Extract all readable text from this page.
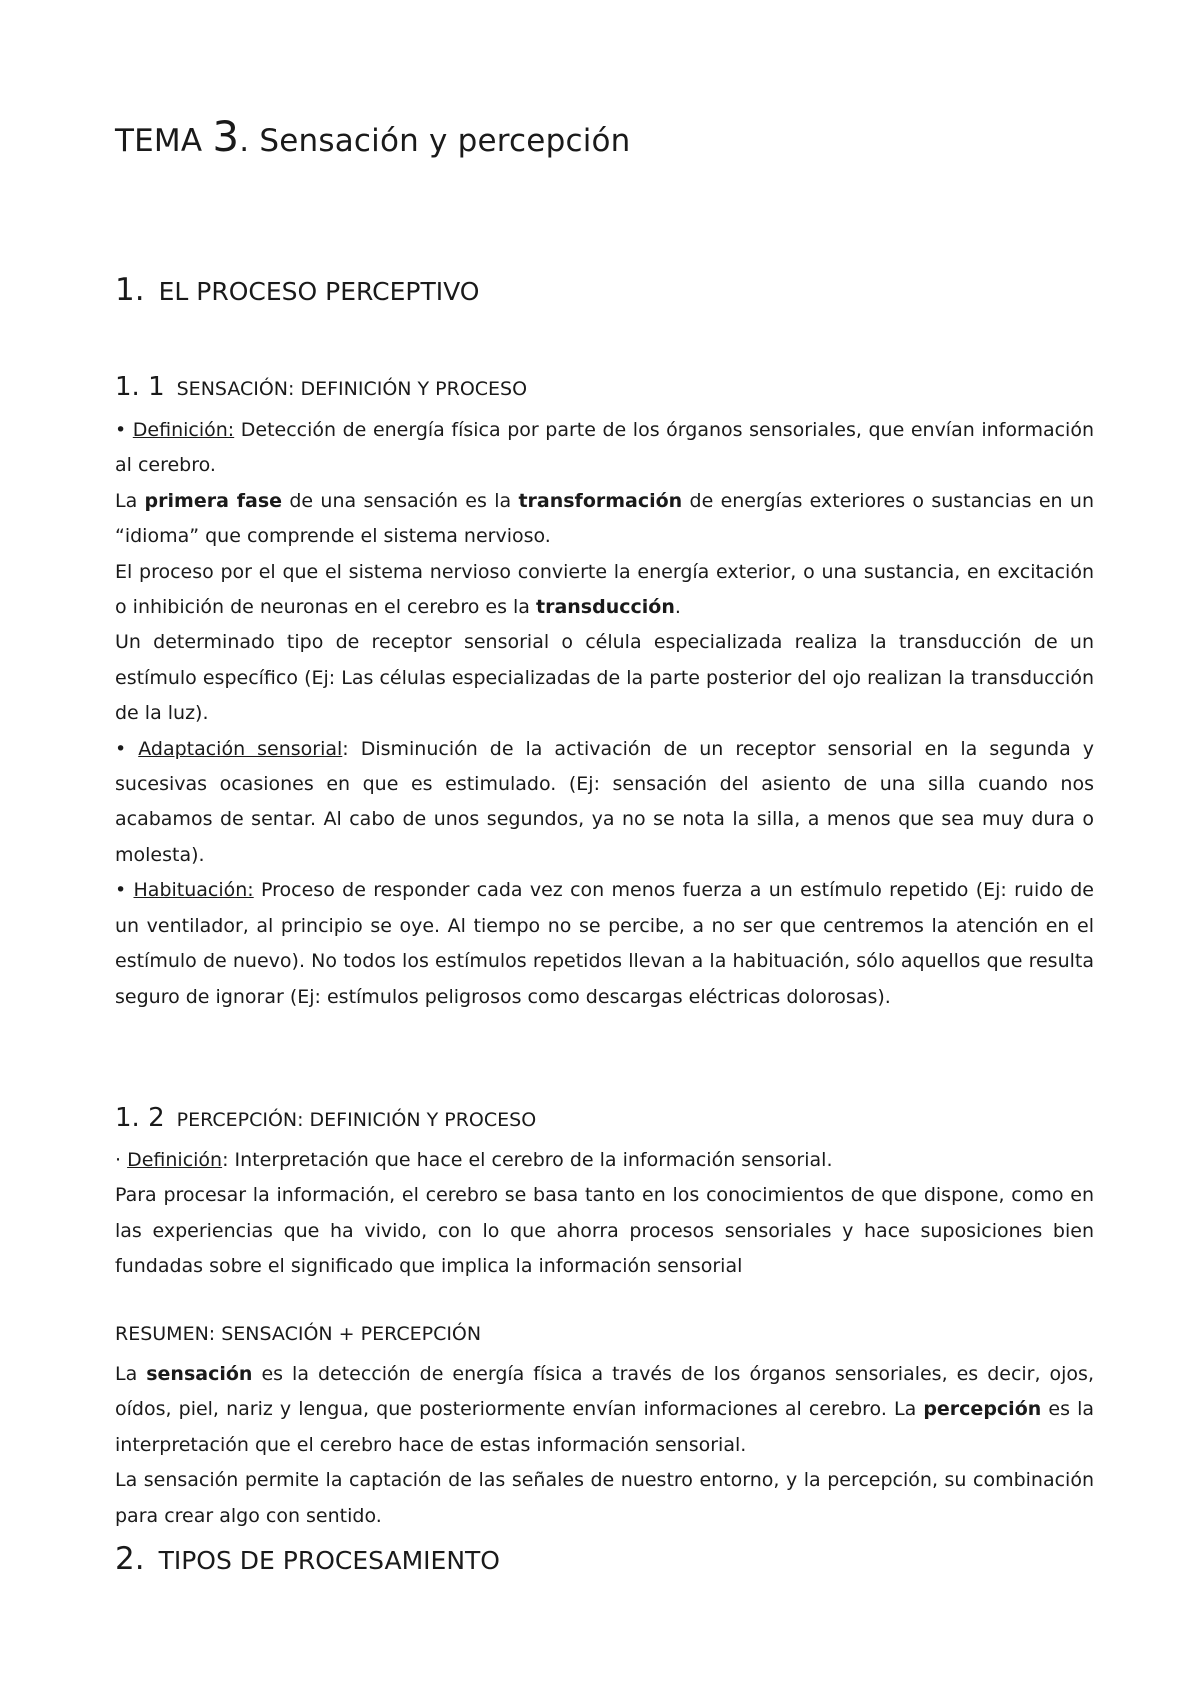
TEMA 3. Sensación y percepción
1. EL PROCESO PERCEPTIVO
1. 1 SENSACIÓN: DEFINICIÓN Y PROCESO

• Definición: Detección de energía física por parte de los órganos sensoriales, que envían información al cerebro.

La primera fase de una sensación es la transformación de energías exteriores o sustancias en un “idioma” que comprende el sistema nervioso.

El proceso por el que el sistema nervioso convierte la energía exterior, o una sustancia, en excitación o inhibición de neuronas en el cerebro es la transducción.

Un determinado tipo de receptor sensorial o célula especializada realiza la transducción de un estímulo específico (Ej: Las células especializadas de la parte posterior del ojo realizan la transducción de la luz).

• Adaptación sensorial: Disminución de la activación de un receptor sensorial en la segunda y sucesivas ocasiones en que es estimulado. (Ej: sensación del asiento de una silla cuando nos acabamos de sentar. Al cabo de unos segundos, ya no se nota la silla, a menos que sea muy dura o molesta).

• Habituación: Proceso de responder cada vez con menos fuerza a un estímulo repetido (Ej: ruido de un ventilador, al principio se oye. Al tiempo no se percibe, a no ser que centremos la atención en el estímulo de nuevo). No todos los estímulos repetidos llevan a la habituación, sólo aquellos que resulta seguro de ignorar (Ej: estímulos peligrosos como descargas eléctricas dolorosas).

1. 2 PERCEPCIÓN: DEFINICIÓN Y PROCESO

· Definición: Interpretación que hace el cerebro de la información sensorial.

Para procesar la información, el cerebro se basa tanto en los conocimientos de que dispone, como en las experiencias que ha vivido, con lo que ahorra procesos sensoriales y hace suposiciones bien fundadas sobre el significado que implica la información sensorial

RESUMEN: SENSACIÓN + PERCEPCIÓN

La sensación es la detección de energía física a través de los órganos sensoriales, es decir, ojos, oídos, piel, nariz y lengua, que posteriormente envían informaciones al cerebro. La percepción es la interpretación que el cerebro hace de estas información sensorial.

La sensación permite la captación de las señales de nuestro entorno, y la percepción, su combinación para crear algo con sentido.

2. TIPOS DE PROCESAMIENTO
